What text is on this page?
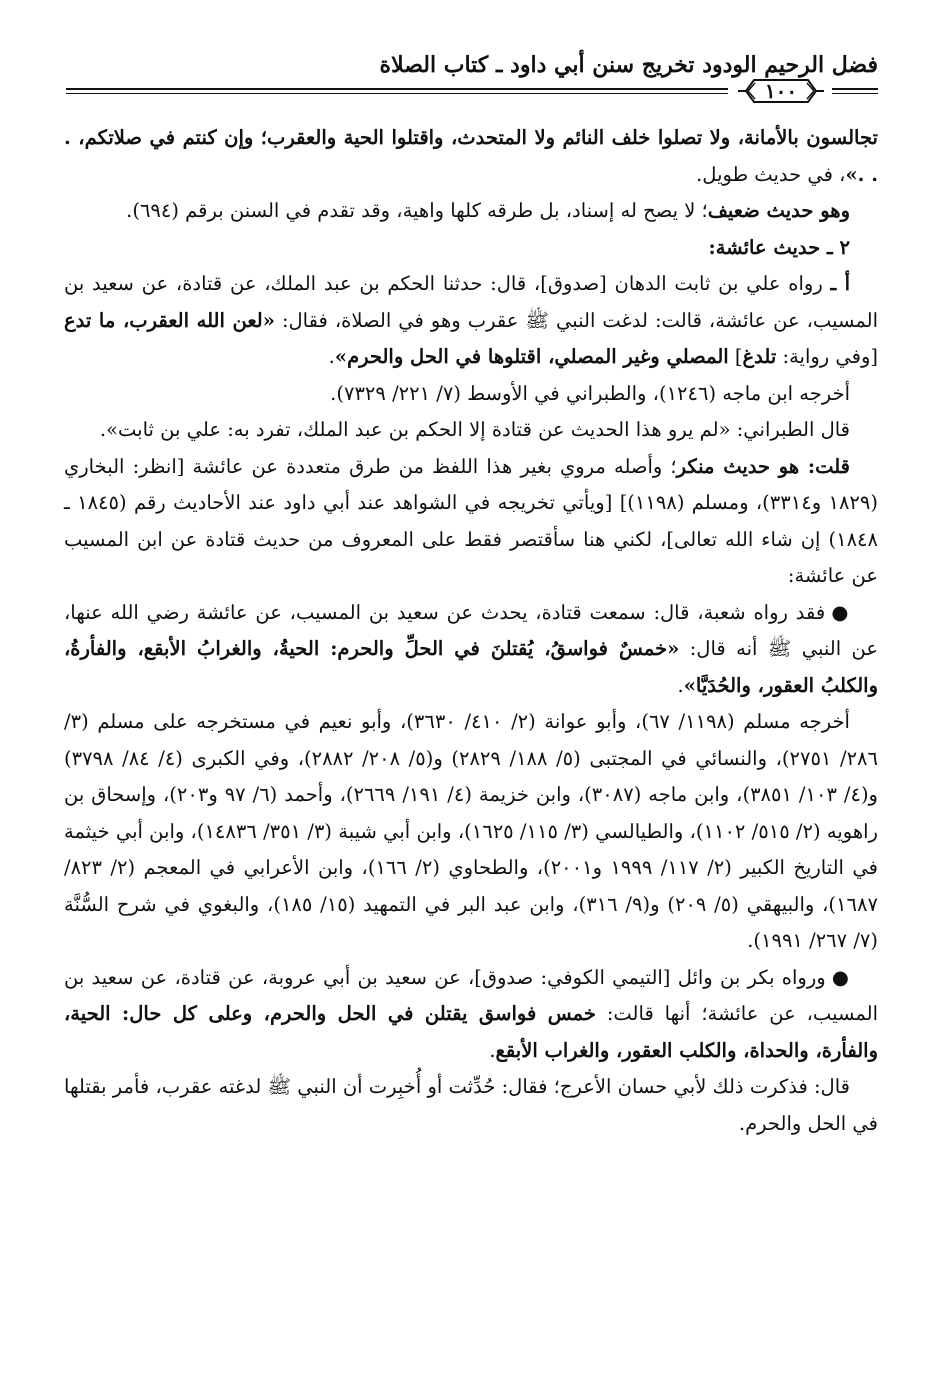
فضل الرحيم الودود تخريج سنن أبي داود ـ كتاب الصلاة
١٠٠

تجالسون بالأمانة، ولا تصلوا خلف النائم ولا المتحدث، واقتلوا الحية والعقرب؛ وإن كنتم في صلاتكم، . . .»، في حديث طويل.

وهو حديث ضعيف؛ لا يصح له إسناد، بل طرقه كلها واهية، وقد تقدم في السنن برقم (٦٩٤).

٢ ـ حديث عائشة:

أ ـ رواه علي بن ثابت الدهان [صدوق]، قال: حدثنا الحكم بن عبد الملك، عن قتادة، عن سعيد بن المسيب، عن عائشة، قالت: لدغت النبي ﷺ عقرب وهو في الصلاة، فقال: «لعن الله العقرب، ما تدع [وفي رواية: تلدغ] المصلي وغير المصلي، اقتلوها في الحل والحرم».

أخرجه ابن ماجه (١٢٤٦)، والطبراني في الأوسط (٧/ ٢٢١/ ٧٣٢٩).

قال الطبراني: «لم يرو هذا الحديث عن قتادة إلا الحكم بن عبد الملك، تفرد به: علي بن ثابت».

قلت: هو حديث منكر؛ وأصله مروي بغير هذا اللفظ من طرق متعددة عن عائشة [انظر: البخاري (١٨٢٩ و٣٣١٤)، ومسلم (١١٩٨)] [ويأتي تخريجه في الشواهد عند أبي داود عند الأحاديث رقم (١٨٤٥ ـ ١٨٤٨) إن شاء الله تعالى]، لكني هنا سأقتصر فقط على المعروف من حديث قتادة عن ابن المسيب عن عائشة:

● فقد رواه شعبة، قال: سمعت قتادة، يحدث عن سعيد بن المسيب، عن عائشة رضي الله عنها، عن النبي ﷺ أنه قال: «خمسٌ فواسقُ، يُقتلنَ في الحلِّ والحرم: الحيةُ، والغرابُ الأبقع، والفأرةُ، والكلبُ العقور، والحُدَيَّا».

أخرجه مسلم (١١٩٨/ ٦٧)، وأبو عوانة (٢/ ٤١٠/ ٣٦٣٠)، وأبو نعيم في مستخرجه على مسلم (٣/ ٢٨٦/ ٢٧٥١)، والنسائي في المجتبى (٥/ ١٨٨/ ٢٨٢٩) و(٥/ ٢٠٨/ ٢٨٨٢)، وفي الكبرى (٤/ ٨٤/ ٣٧٩٨) و(٤/ ١٠٣/ ٣٨٥١)، وابن ماجه (٣٠٨٧)، وابن خزيمة (٤/ ١٩١/ ٢٦٦٩)، وأحمد (٦/ ٩٧ و٢٠٣)، وإسحاق بن راهويه (٢/ ٥١٥/ ١١٠٢)، والطيالسي (٣/ ١١٥/ ١٦٢٥)، وابن أبي شيبة (٣/ ٣٥١/ ١٤٨٣٦)، وابن أبي خيثمة في التاريخ الكبير (٢/ ١١٧/ ١٩٩٩ و٢٠٠١)، والطحاوي (٢/ ١٦٦)، وابن الأعرابي في المعجم (٢/ ٨٢٣/ ١٦٨٧)، والبيهقي (٥/ ٢٠٩) و(٩/ ٣١٦)، وابن عبد البر في التمهيد (١٥/ ١٨٥)، والبغوي في شرح السُّنَّة (٧/ ٢٦٧/ ١٩٩١).

● ورواه بكر بن وائل [التيمي الكوفي: صدوق]، عن سعيد بن أبي عروبة، عن قتادة، عن سعيد بن المسيب، عن عائشة؛ أنها قالت: خمس فواسق يقتلن في الحل والحرم، وعلى كل حال: الحية، والفأرة، والحداة، والكلب العقور، والغراب الأبقع.

قال: فذكرت ذلك لأبي حسان الأعرج؛ فقال: حُدِّثت أو أُخبِرت أن النبي ﷺ لدغته عقرب، فأمر بقتلها في الحل والحرم.
